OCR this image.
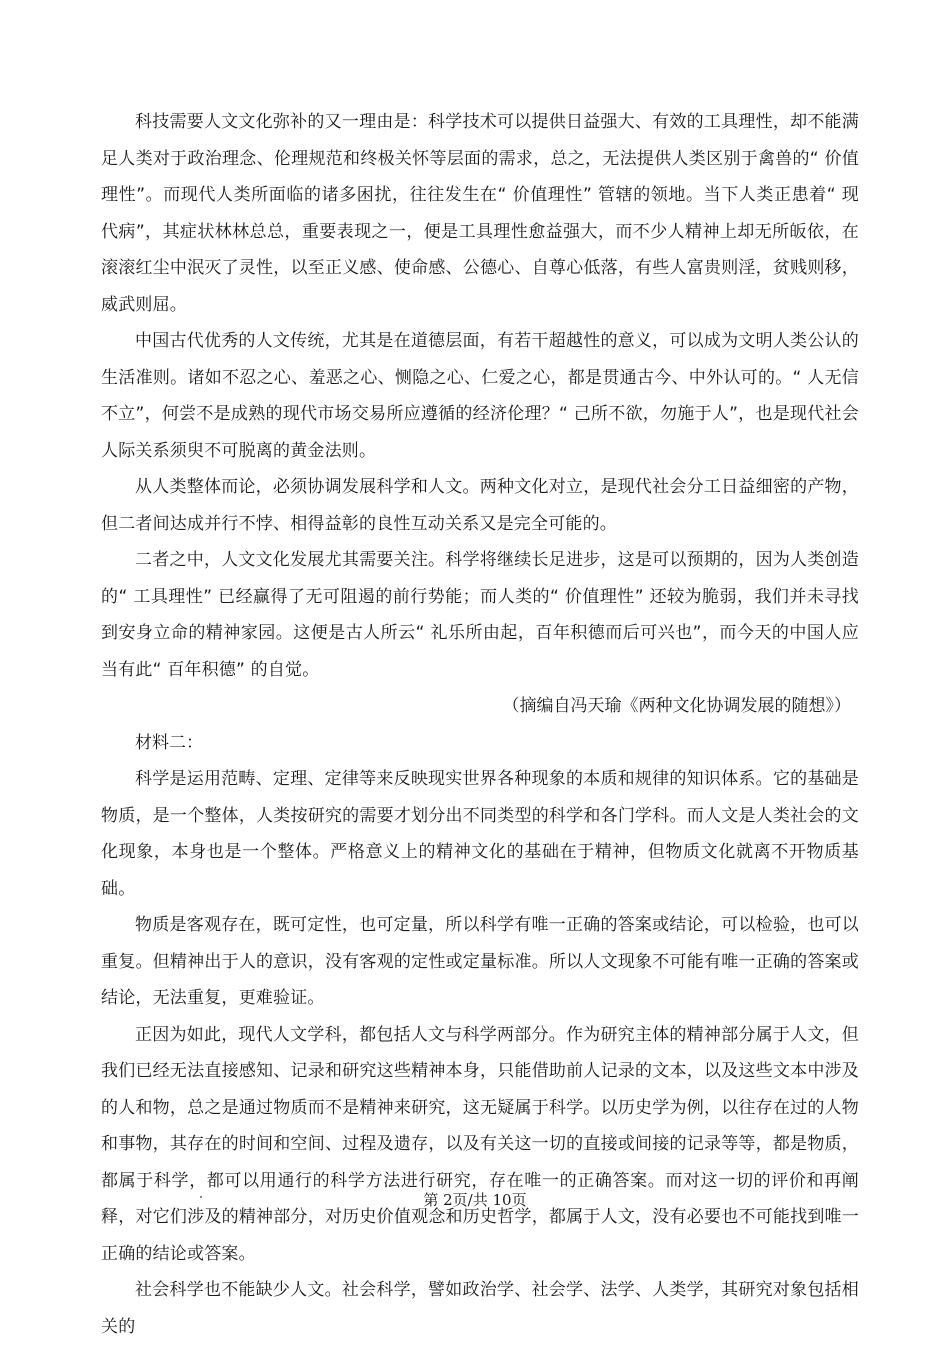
科技需要人文文化弥补的又一理由是：科学技术可以提供日益强大、有效的工具理性，却不能满足人类对于政治理念、伦理规范和终极关怀等层面的需求，总之，无法提供人类区别于禽兽的“ 价值理性”。而现代人类所面临的诸多困扰，往往发生在“ 价值理性” 管辖的领地。当下人类正患着“ 现代病”，其症状林林总总，重要表现之一，便是工具理性愈益强大，而不少人精神上却无所皈依，在滚滚红尘中泯灭了灵性，以至正义感、使命感、公德心、自尊心低落，有些人富贵则淫，贫贱则移，威武则屈。

中国古代优秀的人文传统，尤其是在道德层面，有若干超越性的意义，可以成为文明人类公认的生活准则。诸如不忍之心、羞恶之心、恻隐之心、仁爱之心，都是贯通古今、中外认可的。“ 人无信不立”，何尝不是成熟的现代市场交易所应遵循的经济伦理？“ 己所不欲，勿施于人”，也是现代社会人际关系须臾不可脱离的黄金法则。

从人类整体而论，必须协调发展科学和人文。两种文化对立，是现代社会分工日益细密的产物，但二者间达成并行不悖、相得益彰的良性互动关系又是完全可能的。

二者之中，人文文化发展尤其需要关注。科学将继续长足进步，这是可以预期的，因为人类创造的“ 工具理性” 已经赢得了无可阻遏的前行势能；而人类的“ 价值理性” 还较为脆弱，我们并未寻找到安身立命的精神家园。这便是古人所云“ 礼乐所由起，百年积德而后可兴也”，而今天的中国人应当有此“ 百年积德” 的自觉。

（摘编自冯天瑜《两种文化协调发展的随想》）

材料二：

科学是运用范畴、定理、定律等来反映现实世界各种现象的本质和规律的知识体系。它的基础是物质，是一个整体，人类按研究的需要才划分出不同类型的科学和各门学科。而人文是人类社会的文化现象，本身也是一个整体。严格意义上的精神文化的基础在于精神，但物质文化就离不开物质基础。

物质是客观存在，既可定性，也可定量，所以科学有唯一正确的答案或结论，可以检验，也可以重复。但精神出于人的意识，没有客观的定性或定量标准。所以人文现象不可能有唯一正确的答案或结论，无法重复，更难验证。

正因为如此，现代人文学科，都包括人文与科学两部分。作为研究主体的精神部分属于人文，但我们已经无法直接感知、记录和研究这些精神本身，只能借助前人记录的文本，以及这些文本中涉及的人和物，总之是通过物质而不是精神来研究，这无疑属于科学。以历史学为例，以往存在过的人物和事物，其存在的时间和空间、过程及遗存，以及有关这一切的直接或间接的记录等等，都是物质，都属于科学，都可以用通行的科学方法进行研究，存在唯一的正确答案。而对这一切的评价和再阐释，对它们涉及的精神部分，对历史价值观念和历史哲学，都属于人文，没有必要也不可能找到唯一正确的结论或答案。

社会科学也不能缺少人文。社会科学，譬如政治学、社会学、法学、人类学，其研究对象包括相关的

第 2页/共 10页
